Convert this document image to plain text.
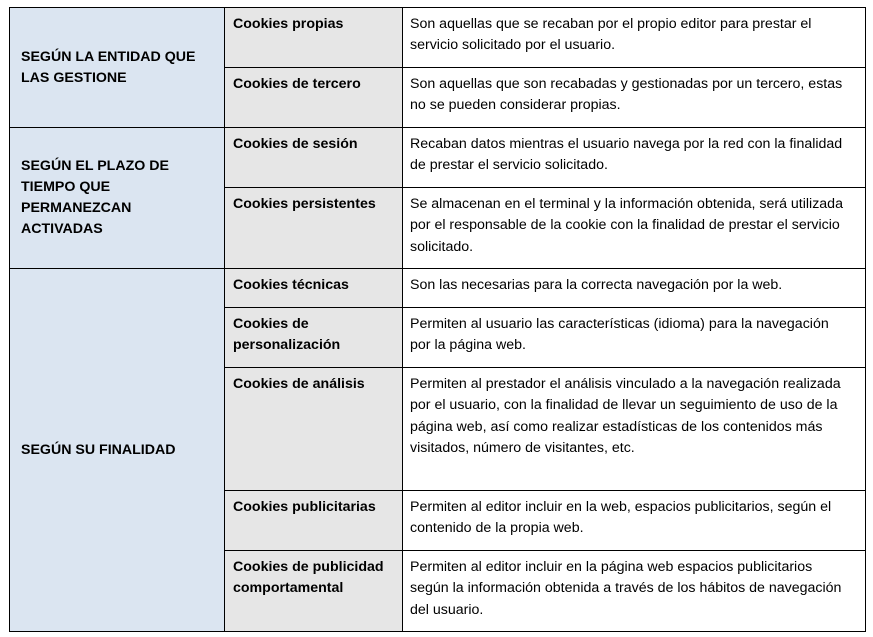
SEGÚN LA ENTIDAD QUE LAS GESTIONE	Cookies propias	Son aquellas que se recaban por el propio editor para prestar el servicio solicitado por el usuario.

	Cookies de tercero	Son aquellas que son recabadas y gestionadas por un tercero, estas no se pueden considerar propias.

SEGÚN EL PLAZO DE TIEMPO QUE PERMANEZCAN ACTIVADAS	Cookies de sesión	Recaban datos mientras el usuario navega por la red con la finalidad de prestar el servicio solicitado.

	Cookies persistentes	Se almacenan en el terminal y la información obtenida, será utilizada por el responsable de la cookie con la finalidad de prestar el servicio solicitado.

SEGÚN SU FINALIDAD	Cookies técnicas	Son las necesarias para la correcta navegación por la web.

	Cookies de personalización	Permiten al usuario las características (idioma) para la navegación por la página web.

	Cookies de análisis	Permiten al prestador el análisis vinculado a la navegación realizada por el usuario, con la finalidad de llevar un seguimiento de uso de la página web, así como realizar estadísticas de los contenidos más visitados, número de visitantes, etc.

	Cookies publicitarias	Permiten al editor incluir en la web, espacios publicitarios, según el contenido de la propia web.

	Cookies de publicidad comportamental	Permiten al editor incluir en la página web espacios publicitarios según la información obtenida a través de los hábitos de navegación del usuario.
